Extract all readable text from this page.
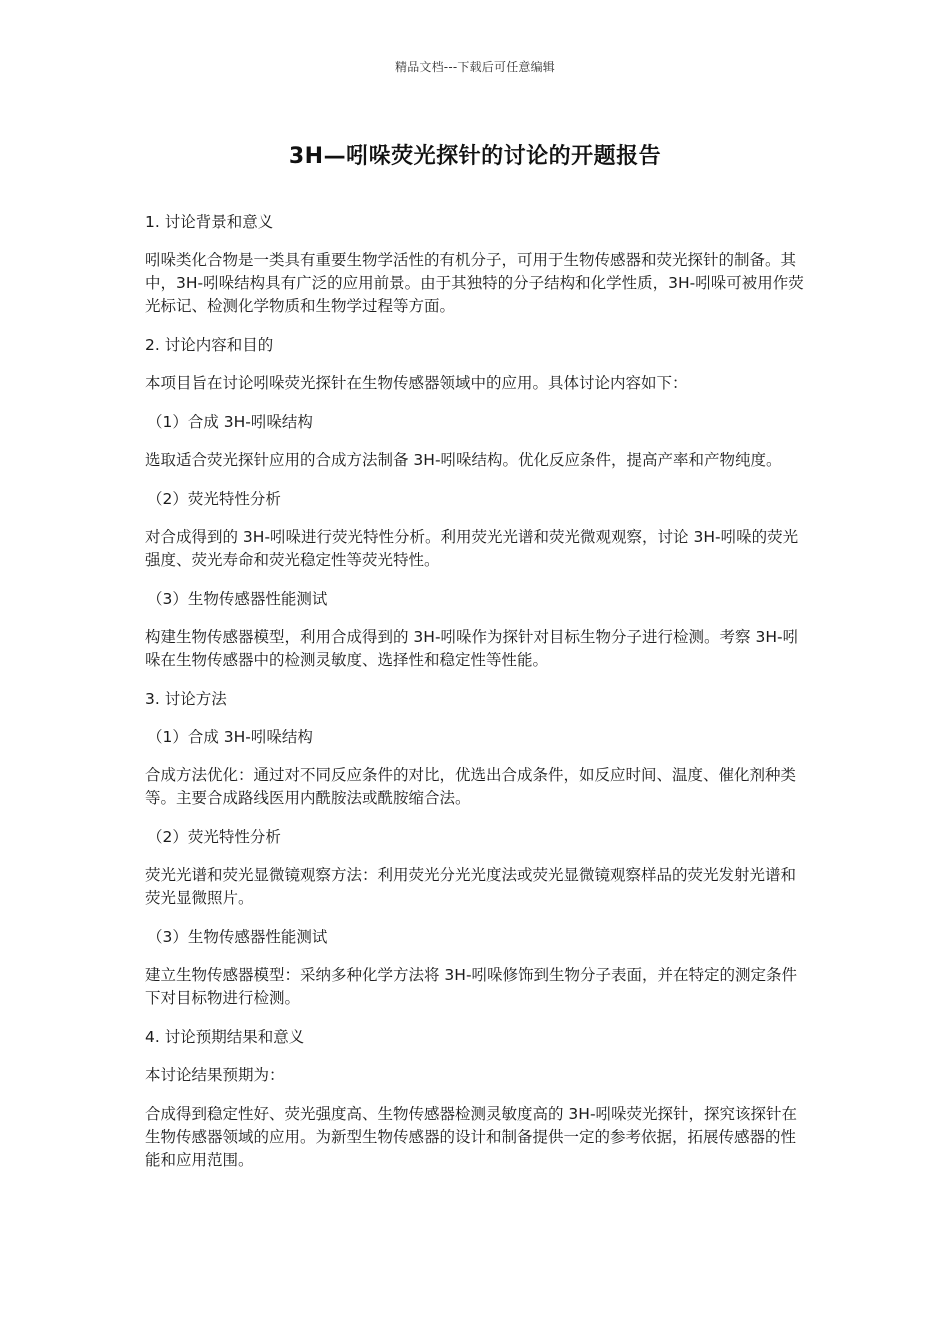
精品文档---下载后可任意编辑
3H—吲哚荧光探针的讨论的开题报告

1. 讨论背景和意义

吲哚类化合物是一类具有重要生物学活性的有机分子，可用于生物传感器和荧光探针的制备。其中，3H-吲哚结构具有广泛的应用前景。由于其独特的分子结构和化学性质，3H-吲哚可被用作荧光标记、检测化学物质和生物学过程等方面。

2. 讨论内容和目的

本项目旨在讨论吲哚荧光探针在生物传感器领域中的应用。具体讨论内容如下：

（1）合成 3H-吲哚结构

选取适合荧光探针应用的合成方法制备 3H-吲哚结构。优化反应条件，提高产率和产物纯度。

（2）荧光特性分析

对合成得到的 3H-吲哚进行荧光特性分析。利用荧光光谱和荧光微观观察，讨论 3H-吲哚的荧光强度、荧光寿命和荧光稳定性等荧光特性。

（3）生物传感器性能测试

构建生物传感器模型，利用合成得到的 3H-吲哚作为探针对目标生物分子进行检测。考察 3H-吲哚在生物传感器中的检测灵敏度、选择性和稳定性等性能。

3. 讨论方法

（1）合成 3H-吲哚结构

合成方法优化：通过对不同反应条件的对比，优选出合成条件，如反应时间、温度、催化剂种类等。主要合成路线医用内酰胺法或酰胺缩合法。

（2）荧光特性分析

荧光光谱和荧光显微镜观察方法：利用荧光分光光度法或荧光显微镜观察样品的荧光发射光谱和荧光显微照片。

（3）生物传感器性能测试

建立生物传感器模型：采纳多种化学方法将 3H-吲哚修饰到生物分子表面，并在特定的测定条件下对目标物进行检测。

4. 讨论预期结果和意义

本讨论结果预期为：

合成得到稳定性好、荧光强度高、生物传感器检测灵敏度高的 3H-吲哚荧光探针，探究该探针在生物传感器领域的应用。为新型生物传感器的设计和制备提供一定的参考依据，拓展传感器的性能和应用范围。
